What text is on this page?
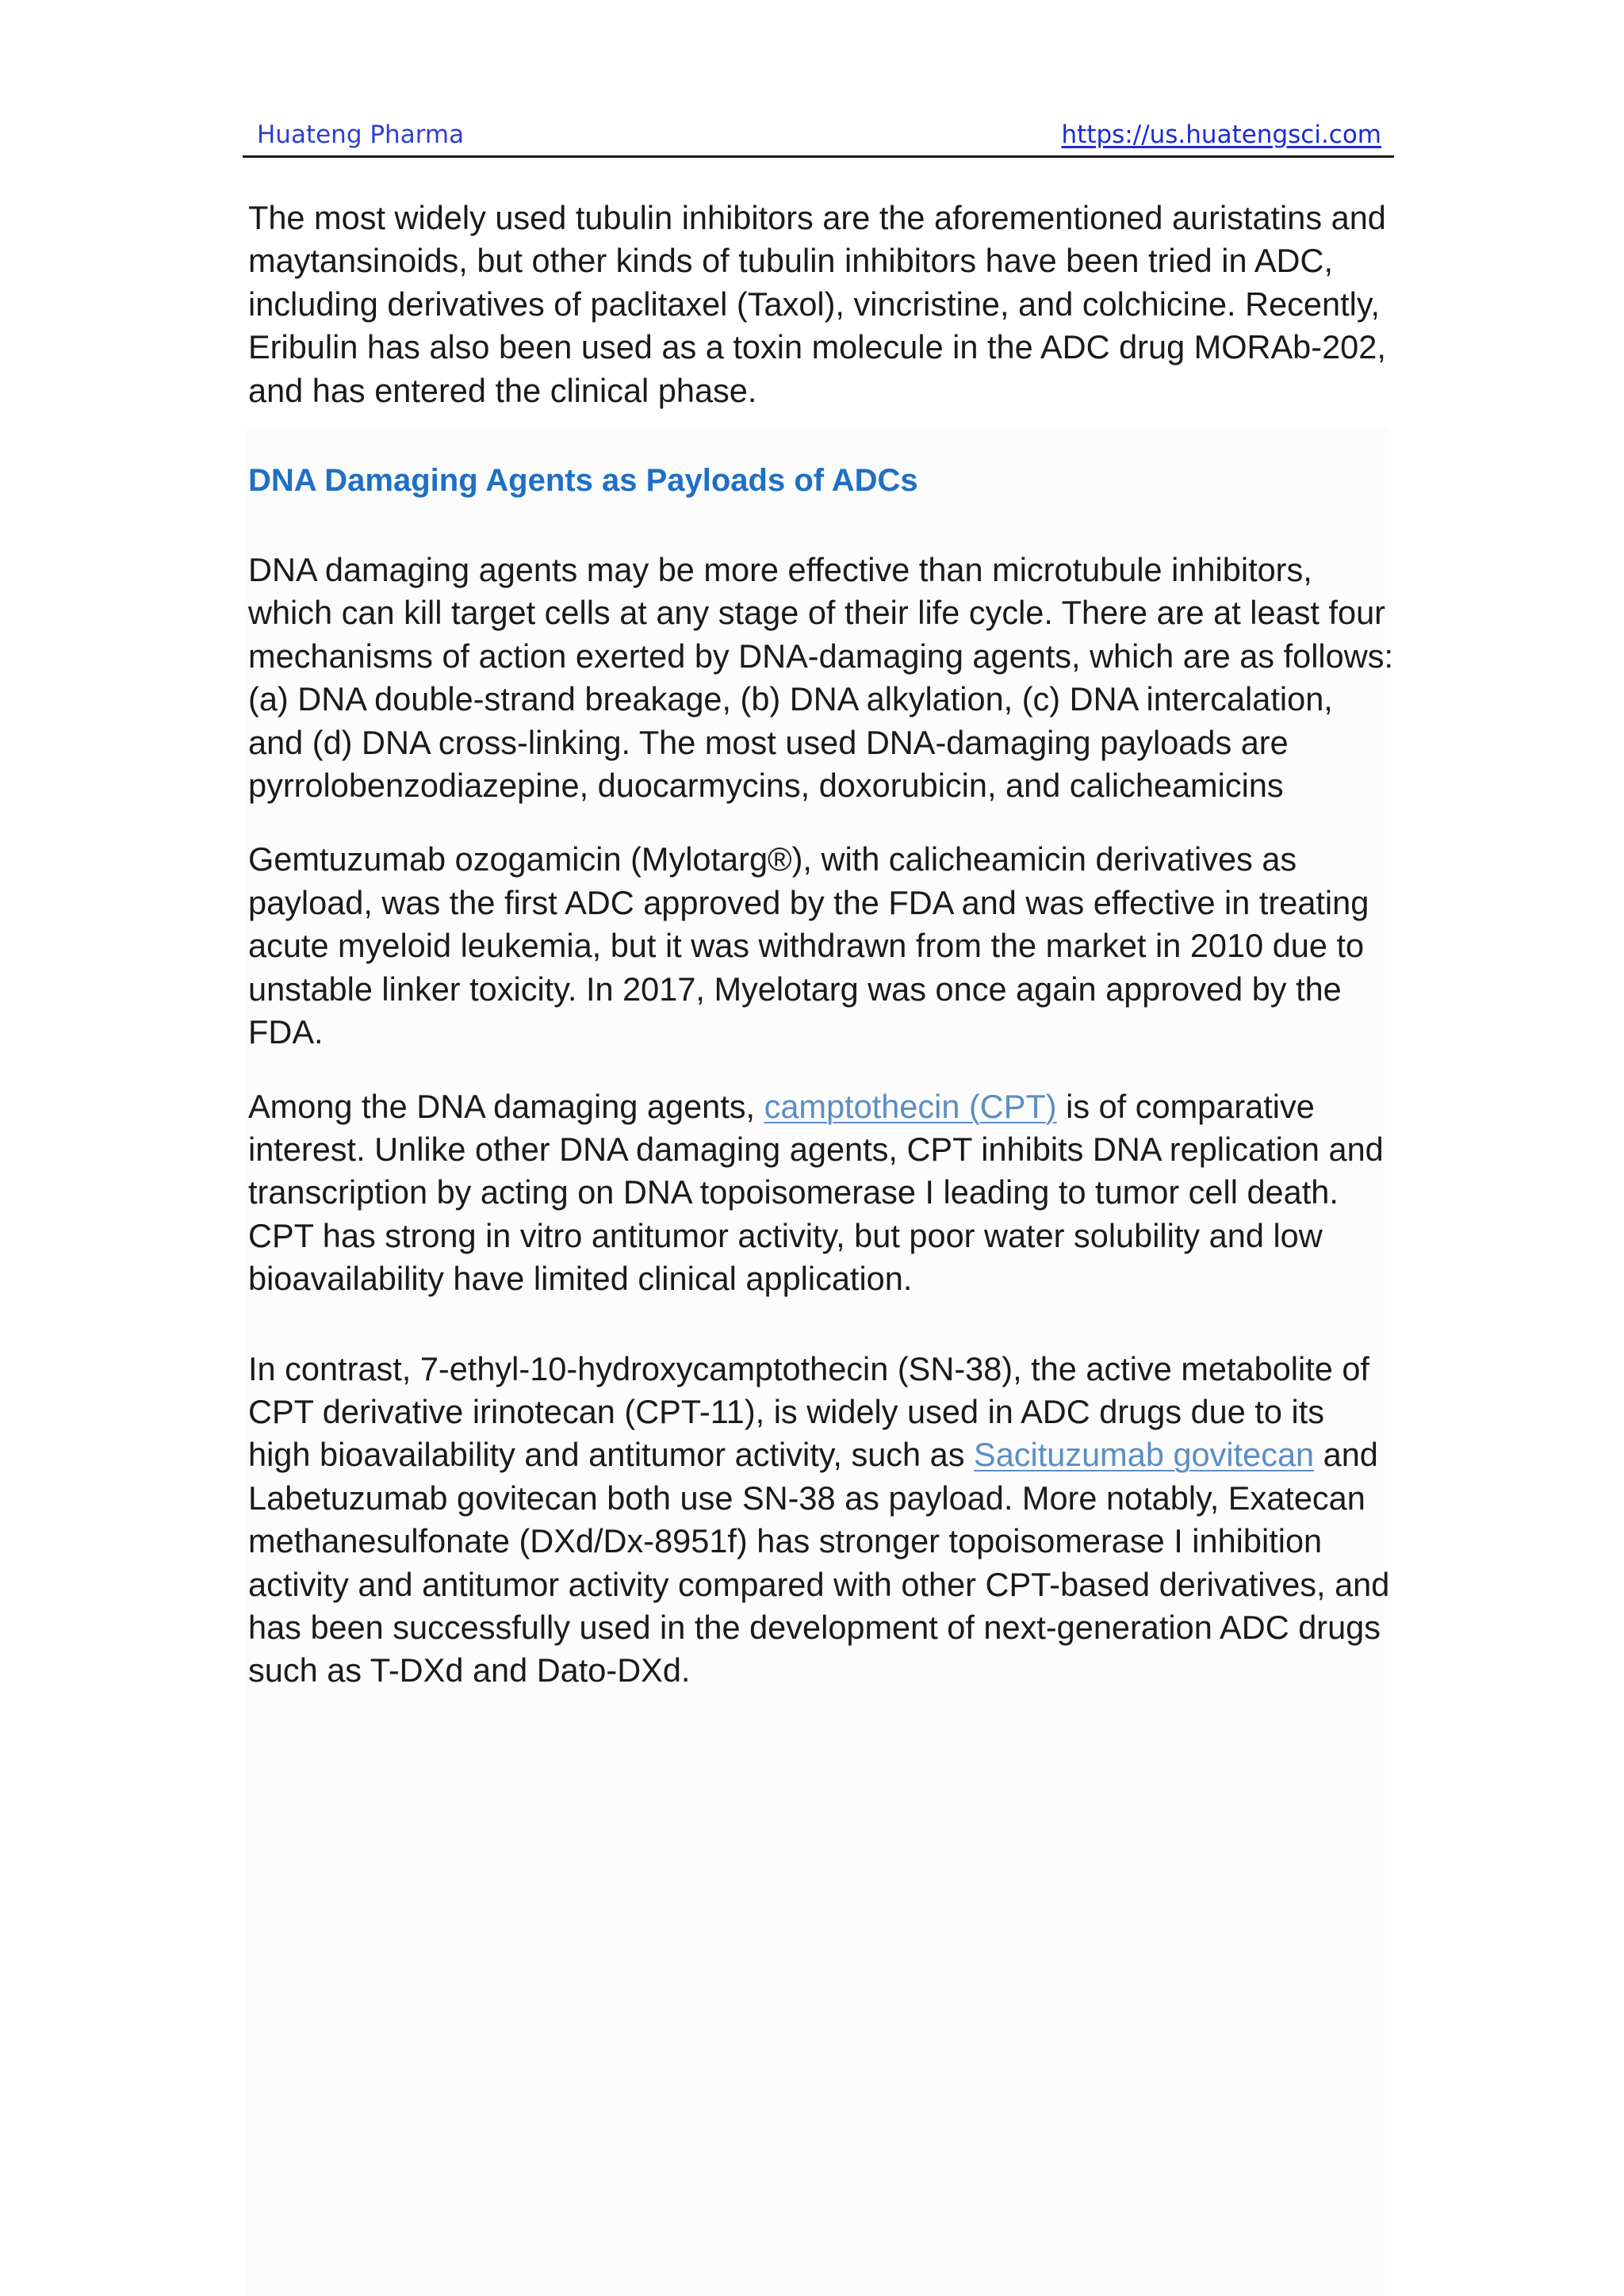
Huateng Pharma	https://us.huatengsci.com

The most widely used tubulin inhibitors are the aforementioned auristatins and

maytansinoids, but other kinds of tubulin inhibitors have been tried in ADC,

including derivatives of paclitaxel (Taxol), vincristine, and colchicine. Recently,

Eribulin has also been used as a toxin molecule in the ADC drug MORAb-202,

and has entered the clinical phase.

DNA Damaging Agents as Payloads of ADCs

DNA damaging agents may be more effective than microtubule inhibitors,

which can kill target cells at any stage of their life cycle. There are at least four

mechanisms of action exerted by DNA-damaging agents, which are as follows:

(a) DNA double-strand breakage, (b) DNA alkylation, (c) DNA intercalation,

and (d) DNA cross-linking. The most used DNA-damaging payloads are

pyrrolobenzodiazepine, duocarmycins, doxorubicin, and calicheamicins

Gemtuzumab ozogamicin (Mylotarg®), with calicheamicin derivatives as

payload, was the first ADC approved by the FDA and was effective in treating

acute myeloid leukemia, but it was withdrawn from the market in 2010 due to

unstable linker toxicity. In 2017, Myelotarg was once again approved by the

FDA.

Among the DNA damaging agents, camptothecin (CPT) is of comparative

interest. Unlike other DNA damaging agents, CPT inhibits DNA replication and

transcription by acting on DNA topoisomerase I leading to tumor cell death.

CPT has strong in vitro antitumor activity, but poor water solubility and low

bioavailability have limited clinical application.

In contrast, 7-ethyl-10-hydroxycamptothecin (SN-38), the active metabolite of

CPT derivative irinotecan (CPT-11), is widely used in ADC drugs due to its

high bioavailability and antitumor activity, such as Sacituzumab govitecan and

Labetuzumab govitecan both use SN-38 as payload. More notably, Exatecan

methanesulfonate (DXd/Dx-8951f) has stronger topoisomerase I inhibition

activity and antitumor activity compared with other CPT-based derivatives, and

has been successfully used in the development of next-generation ADC drugs

such as T-DXd and Dato-DXd.
